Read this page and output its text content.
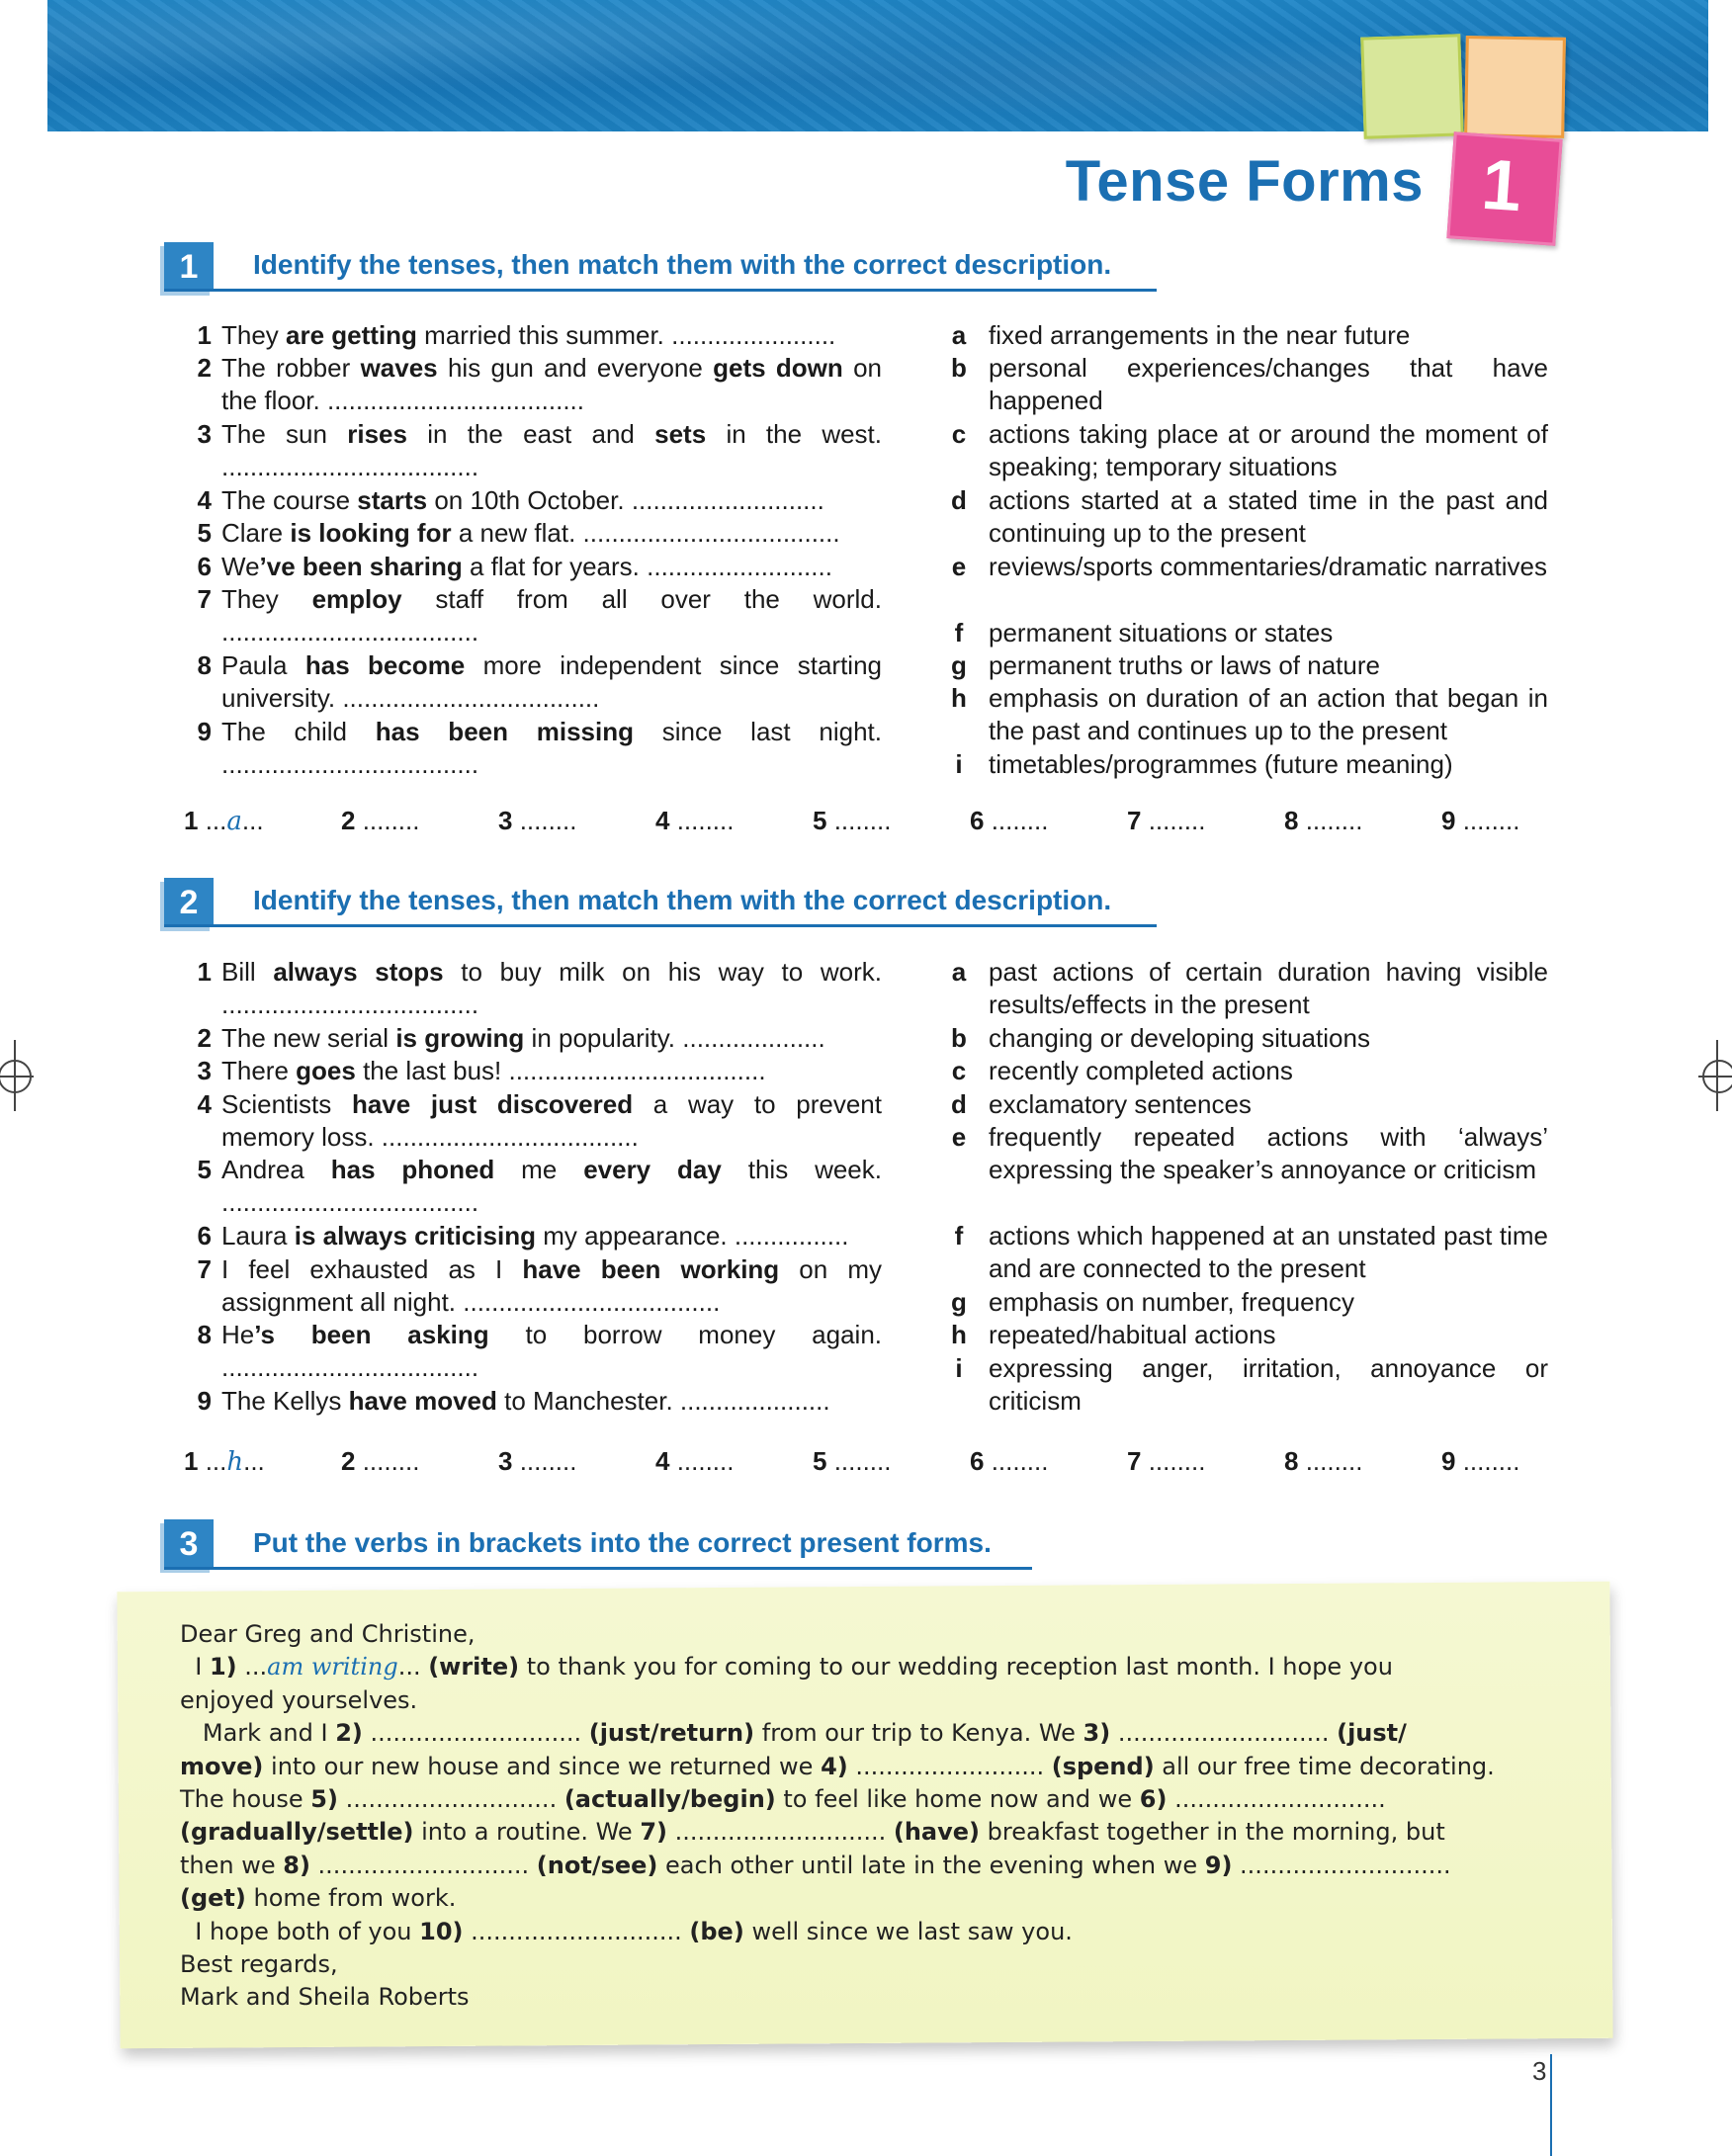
1
Tense Forms
1	Identify the tenses, then match them with the correct description.
1 They are getting married this summer. .......................
2 The robber waves his gun and everyone gets down on the floor. ....................................
3 The sun rises in the east and sets in the west. ....................................
4 The course starts on 10th October. ...........................
5 Clare is looking for a new flat. ....................................
6 We’ve been sharing a flat for years. ..........................
7 They employ staff from all over the world. ....................................
8 Paula has become more independent since starting university. ....................................
9 The child has been missing since last night. ....................................
a fixed arrangements in the near future
b personal experiences/changes that have happened
c actions taking place at or around the moment of speaking; temporary situations
d actions started at a stated time in the past and continuing up to the present
e reviews/sports commentaries/dramatic narratives
f permanent situations or states
g permanent truths or laws of nature
h emphasis on duration of an action that began in the past and continues up to the present
i	timetables/programmes (future meaning)
1 ...a...	2 ........	3 ........	4 ........	5 ........	6 ........	7 ........	8 ........	9 ........
2	Identify the tenses, then match them with the correct description.
1 Bill always stops to buy milk on his way to work. ....................................
2 The new serial is growing in popularity. ....................
3 There goes the last bus! ....................................
4 Scientists have just discovered a way to prevent memory loss. ....................................
5 Andrea has phoned me every day this week. ....................................
6 Laura is always criticising my appearance. ................
7 I feel exhausted as I have been working on my assignment all night. ....................................
8 He’s been asking to borrow money again. ....................................
9 The Kellys have moved to Manchester. .....................
a past actions of certain duration having visible results/effects in the present
b changing or developing situations
c recently completed actions
d exclamatory sentences
e frequently repeated actions with ‘always’ expressing the speaker’s annoyance or criticism
f actions which happened at an unstated past time and are connected to the present
g emphasis on number, frequency
h repeated/habitual actions
i	expressing anger, irritation, annoyance or criticism
1 ...h...	2 ........	3 ........	4 ........	5 ........	6 ........	7 ........	8 ........	9 ........
3	Put the verbs in brackets into the correct present forms.
Dear Greg and Christine,
I 1) ...am writing... (write) to thank you for coming to our wedding reception last month. I hope you
enjoyed yourselves.
Mark and I 2) ............................ (just/return) from our trip to Kenya. We 3) ............................ (just/
move) into our new house and since we returned we 4) ......................... (spend) all our free time decorating.
The house 5) ............................ (actually/begin) to feel like home now and we 6) ............................
(gradually/settle) into a routine. We 7) ............................ (have) breakfast together in the morning, but
then we 8) ............................ (not/see) each other until late in the evening when we 9) ............................
(get) home from work.
I hope both of you 10) ............................ (be) well since we last saw you.
Best regards,
Mark and Sheila Roberts
3
